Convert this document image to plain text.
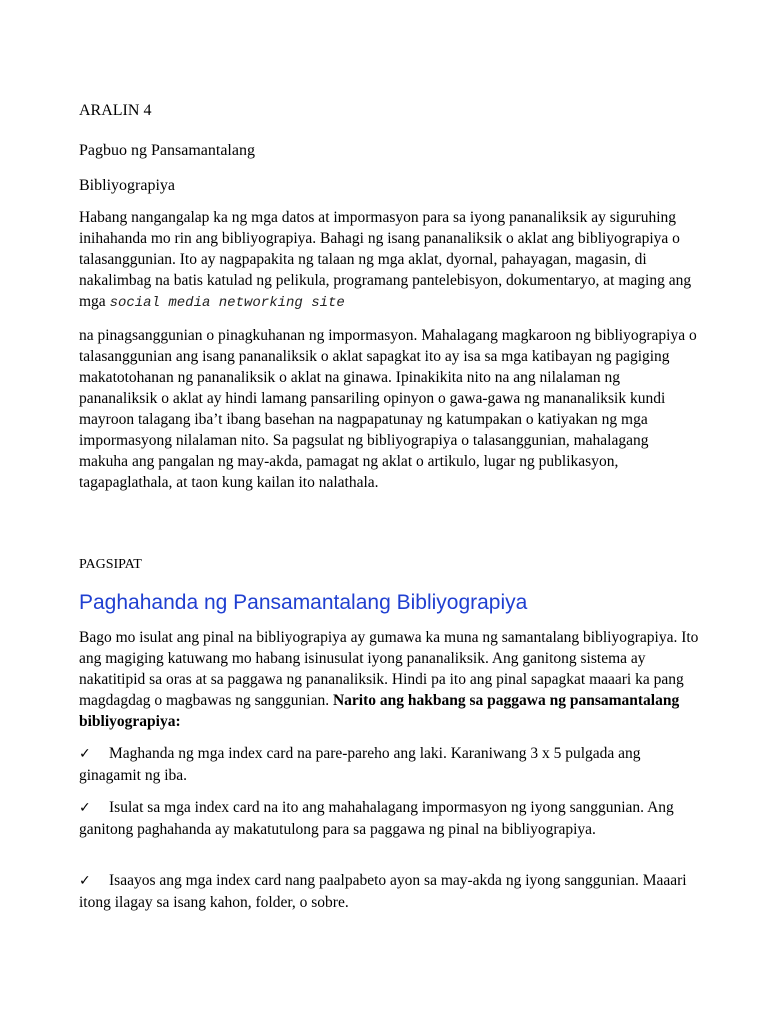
ARALIN 4

Pagbuo ng Pansamantalang

Bibliyograpiya

Habang nangangalap ka ng mga datos at impormasyon para sa iyong pananaliksik ay siguruhing inihahanda mo rin ang bibliyograpiya. Bahagi ng isang pananaliksik o aklat ang bibliyograpiya o talasanggunian. Ito ay nagpapakita ng talaan ng mga aklat, dyornal, pahayagan, magasin, di nakalimbag na batis katulad ng pelikula, programang pantelebisyon, dokumentaryo, at maging ang mga social media networking site

na pinagsanggunian o pinagkuhanan ng impormasyon. Mahalagang magkaroon ng bibliyograpiya o talasanggunian ang isang pananaliksik o aklat sapagkat ito ay isa sa mga katibayan ng pagiging makatotohanan ng pananaliksik o aklat na ginawa. Ipinakikita nito na ang nilalaman ng pananaliksik o aklat ay hindi lamang pansariling opinyon o gawa-gawa ng mananaliksik kundi mayroon talagang iba’t ibang basehan na nagpapatunay ng katumpakan o katiyakan ng mga impormasyong nilalaman nito. Sa pagsulat ng bibliyograpiya o talasanggunian, mahalagang makuha ang pangalan ng may-akda, pamagat ng aklat o artikulo, lugar ng publikasyon, tagapaglathala, at taon kung kailan ito nalathala.

PAGSIPAT

Paghahanda ng Pansamantalang Bibliyograpiya

Bago mo isulat ang pinal na bibliyograpiya ay gumawa ka muna ng samantalang bibliyograpiya. Ito ang magiging katuwang mo habang isinusulat iyong pananaliksik. Ang ganitong sistema ay nakatitipid sa oras at sa paggawa ng pananaliksik. Hindi pa ito ang pinal sapagkat maaari ka pang magdagdag o magbawas ng sanggunian. Narito ang hakbang sa paggawa ng pansamantalang bibliyograpiya:

✓ Maghanda ng mga index card na pare-pareho ang laki. Karaniwang 3 x 5 pulgada ang ginagamit ng iba.

✓ Isulat sa mga index card na ito ang mahahalagang impormasyon ng iyong sanggunian. Ang ganitong paghahanda ay makatutulong para sa paggawa ng pinal na bibliyograpiya.

✓ Isaayos ang mga index card nang paalpabeto ayon sa may-akda ng iyong sanggunian. Maaari itong ilagay sa isang kahon, folder, o sobre.
